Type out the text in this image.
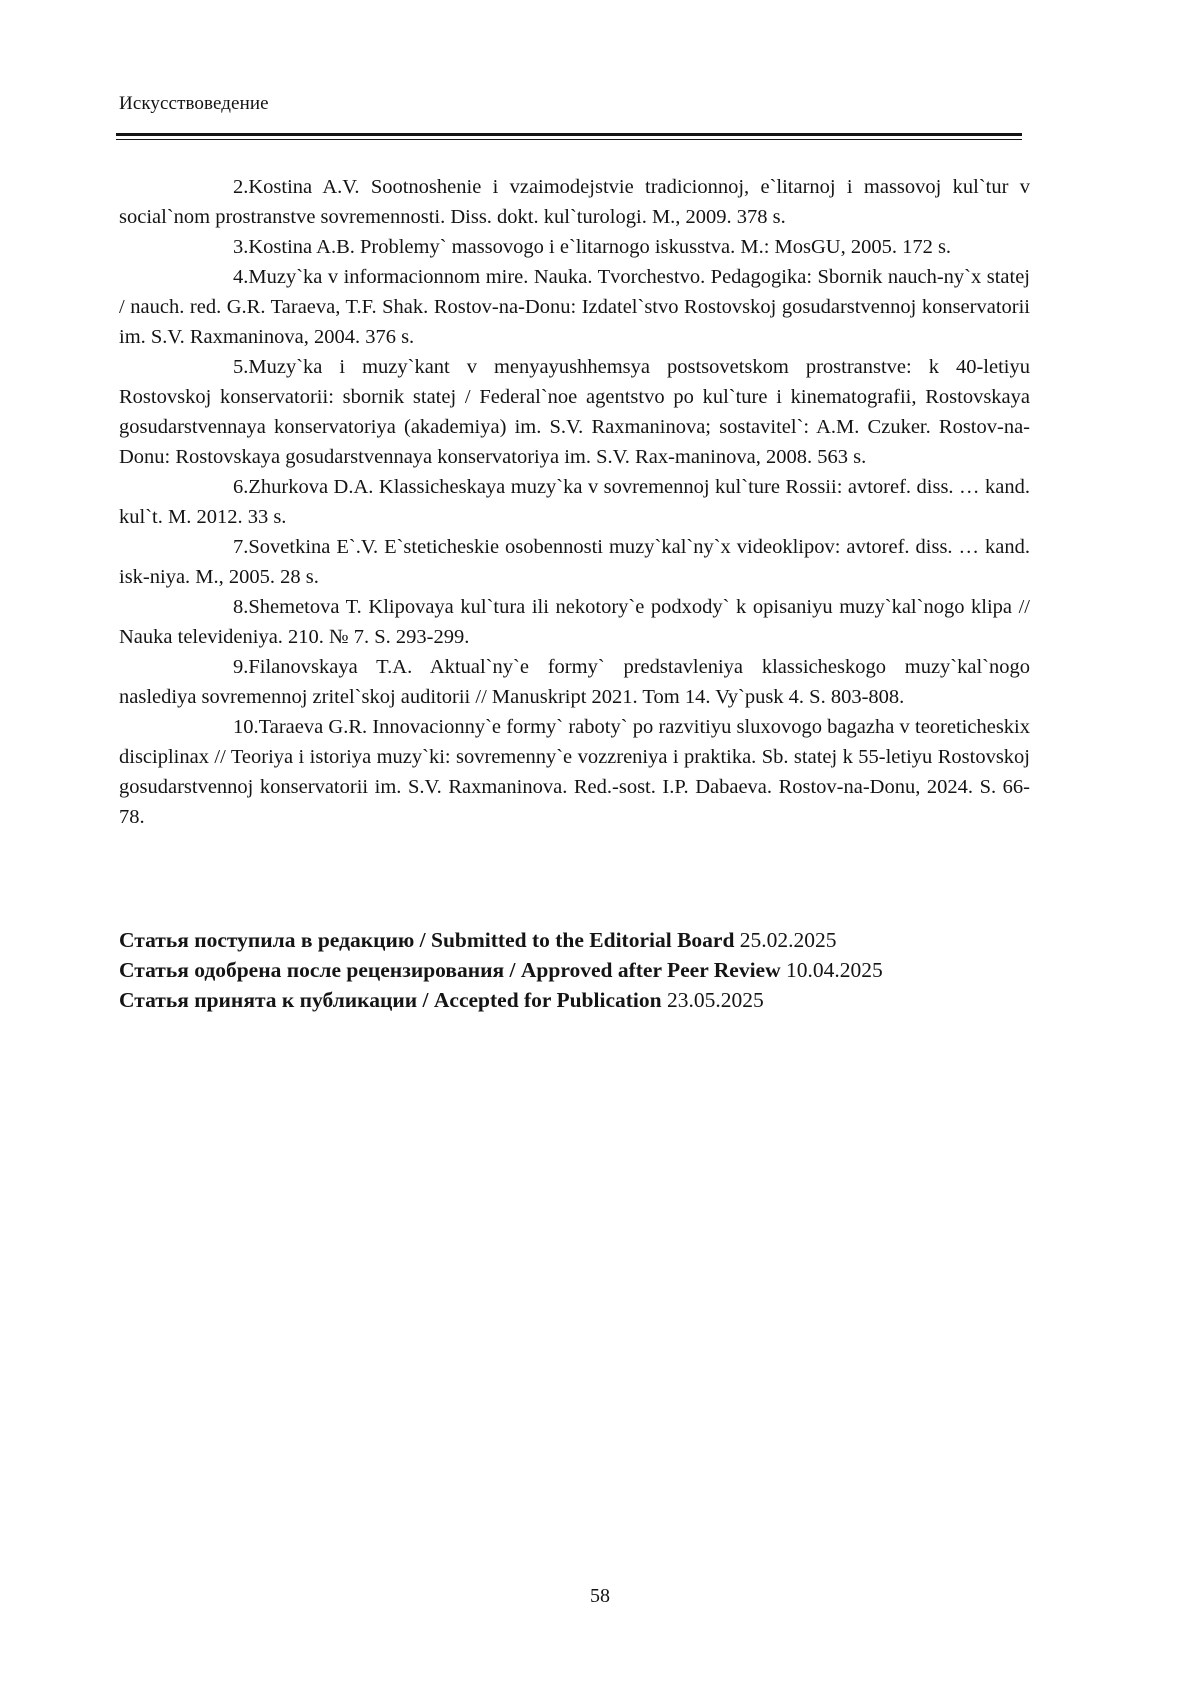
Искусствоведение

2.Kostina A.V. Sootnoshenie i vzaimodejstvie tradicionnoj, e`litarnoj i massovoj kul`tur v social`nom prostranstve sovremennosti. Diss. dokt. kul`turologi. M., 2009. 378 s.

3.Kostina A.B. Problemy` massovogo i e`litarnogo iskusstva. M.: MosGU, 2005. 172 s.

4.Muzy`ka v informacionnom mire. Nauka. Tvorchestvo. Pedagogika: Sbornik nauch-ny`x statej / nauch. red. G.R. Taraeva, T.F. Shak. Rostov-na-Donu: Izdatel`stvo Rostovskoj gosudarstvennoj konservatorii im. S.V. Raxmaninova, 2004. 376 s.

5.Muzy`ka i muzy`kant v menyayushhemsya postsovetskom prostranstve: k 40-letiyu Rostovskoj konservatorii: sbornik statej / Federal`noe agentstvo po kul`ture i kinematografii, Rostovskaya gosudarstvennaya konservatoriya (akademiya) im. S.V. Raxmaninova; sostavitel`: A.M. Czuker. Rostov-na-Donu: Rostovskaya gosudarstvennaya konservatoriya im. S.V. Rax-maninova, 2008. 563 s.

6.Zhurkova D.A. Klassicheskaya muzy`ka v sovremennoj kul`ture Rossii: avtoref. diss. … kand. kul`t. M. 2012. 33 s.

7.Sovetkina E`.V. E`steticheskie osobennosti muzy`kal`ny`x videoklipov: avtoref. diss. … kand. isk-niya. M., 2005. 28 s.

8.Shemetova T. Klipovaya kul`tura ili nekotory`e podxody` k opisaniyu muzy`kal`nogo klipa // Nauka televideniya. 210. № 7. S. 293-299.

9.Filanovskaya T.A. Aktual`ny`e formy` predstavleniya klassicheskogo muzy`kal`nogo naslediya sovremennoj zritel`skoj auditorii // Manuskript 2021. Tom 14. Vy`pusk 4. S. 803-808.

10.Taraeva G.R. Innovacionny`e formy` raboty` po razvitiyu sluxovogo bagazha v teoreticheskix disciplinax // Teoriya i istoriya muzy`ki: sovremenny`e vozzreniya i praktika. Sb. statej k 55-letiyu Rostovskoj gosudarstvennoj konservatorii im. S.V. Raxmaninova. Red.-sost. I.P. Dabaeva. Rostov-na-Donu, 2024. S. 66-78.

Статья поступила в редакцию / Submitted to the Editorial Board 25.02.2025

Статья одобрена после рецензирования / Approved after Peer Review 10.04.2025

Статья принята к публикации / Accepted for Publication 23.05.2025

58
